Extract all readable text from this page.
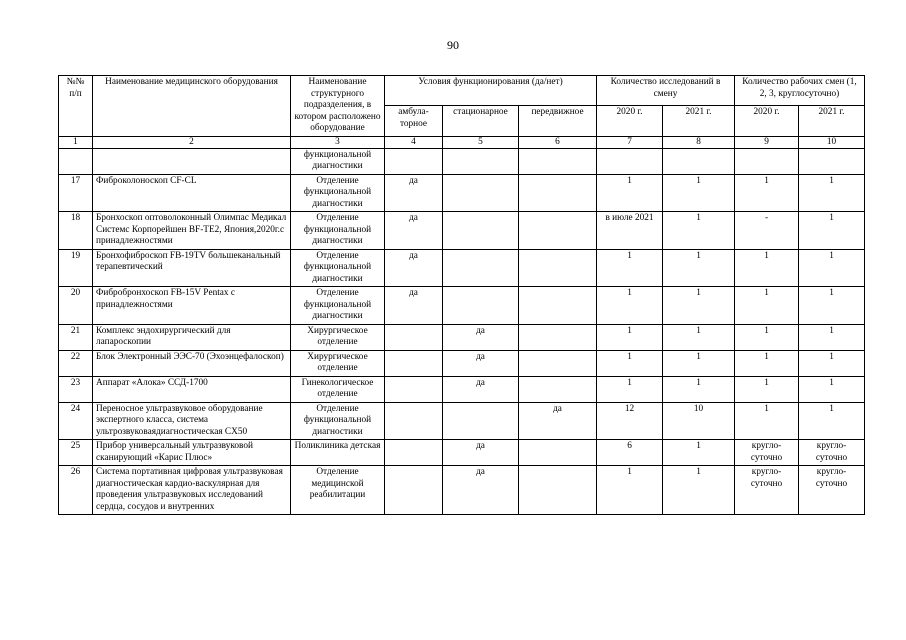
90
№№ п/п	Наименование медицинского оборудования	Наименование структурного подразделения, в котором расположено оборудование	Условия функционирования (да/нет)			Количество исследований в смену		Количество рабочих смен (1, 2, 3, круглосуточно)	
			амбула-торное	стационарное	передвижное	2020 г.	2021 г.	2020 г.	2021 г.
1	2	3	4	5	6	7	8	9	10
		функциональной диагностики							
17	Фиброколоноскоп CF-CL	Отделение функциональной диагностики	да			1	1	1	1
18	Бронхоскоп оптоволоконный Олимпас Медикал Системс Корпорейшен BF-TE2, Япония,2020г.с принадлежностями	Отделение функциональной диагностики	да			в июле 2021	1	-	1
19	Бронхофиброскоп FB-19TV большеканальный терапевтический	Отделение функциональной диагностики	да			1	1	1	1
20	Фибробронхоскоп FB-15V Pentax с принадлежностями	Отделение функциональной диагностики	да			1	1	1	1
21	Комплекс эндохирургический для лапароскопии	Хирургическое отделение		да		1	1	1	1
22	Блок Электронный ЭЭС-70 (Эхоэнцефалоскоп)	Хирургическое отделение		да		1	1	1	1
23	Аппарат «Алока» ССД-1700	Гинекологическое отделение		да		1	1	1	1
24	Переносное ультразвуковое оборудование экспертного класса, система ультрозвуковаядиагностическая CX50	Отделение функциональной диагностики			да	12	10	1	1
25	Прибор универсальный ультразвуковой сканирующий «Карис Плюс»	Поликлиника детская		да		6	1	кругло-суточно	кругло-суточно
26	Система портативная цифровая ультразвуковая диагностическая кардио-васкулярная для проведения ультразвуковых исследований сердца, сосудов и внутренних	Отделение медицинской реабилитации		да		1	1	кругло-суточно	кругло-суточно
